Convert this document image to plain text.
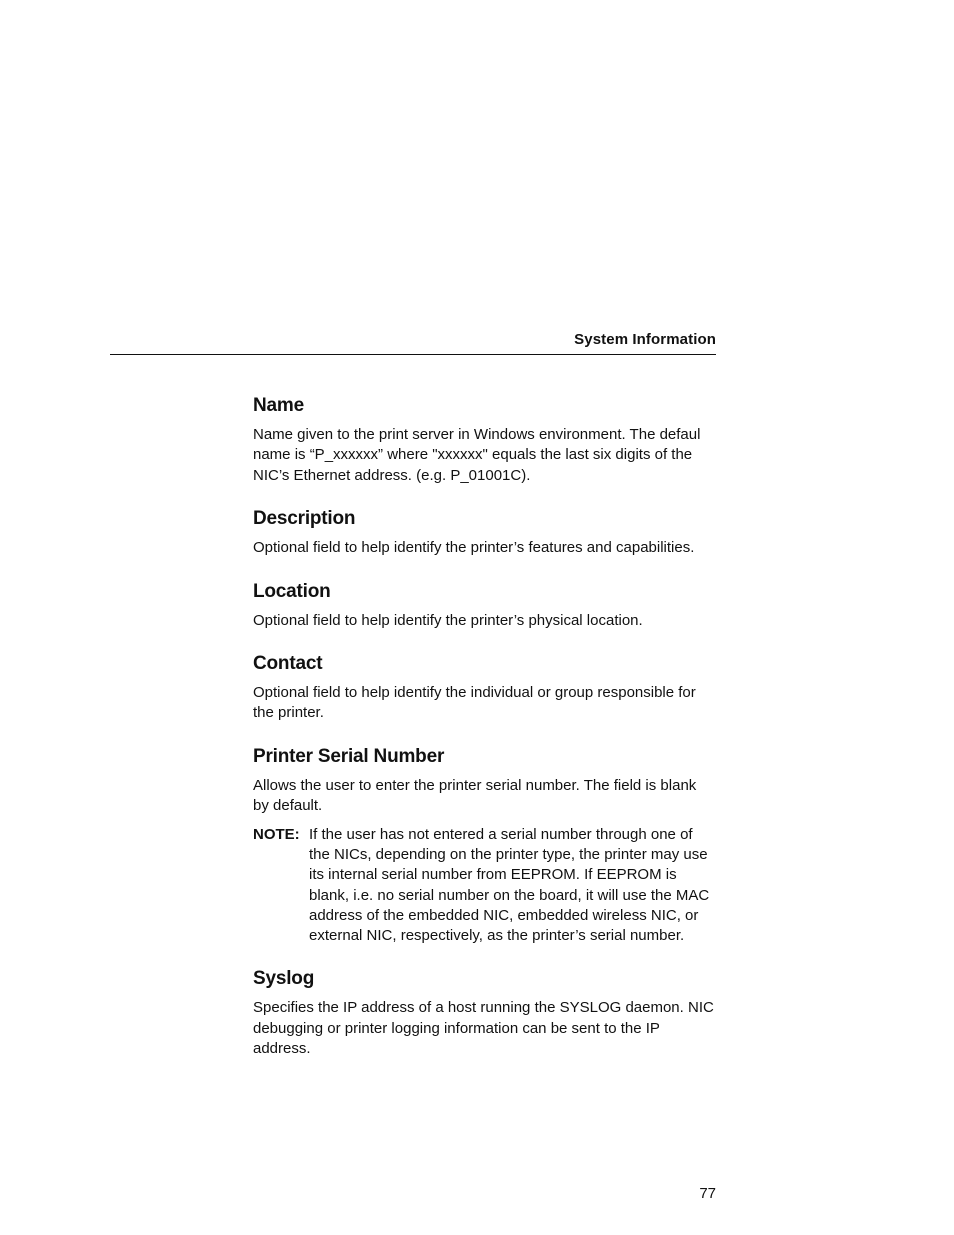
System Information
Name

Name given to the print server in Windows environment. The defaul name is “P_xxxxxx” where "xxxxxx" equals the last six digits of the NIC’s Ethernet address. (e.g. P_01001C).

Description

Optional field to help identify the printer’s features and capabilities.

Location

Optional field to help identify the printer’s physical location.

Contact

Optional field to help identify the individual or group responsible for the printer.

Printer Serial Number

Allows the user to enter the printer serial number. The field is blank by default.

NOTE: If the user has not entered a serial number through one of the NICs, depending on the printer type, the printer may use its internal serial number from EEPROM. If EEPROM is blank, i.e. no serial number on the board, it will use the MAC address of the embedded NIC, embedded wireless NIC, or external NIC, respectively, as the printer’s serial number.
Syslog

Specifies the IP address of a host running the SYSLOG daemon. NIC debugging or printer logging information can be sent to the IP address.

77
